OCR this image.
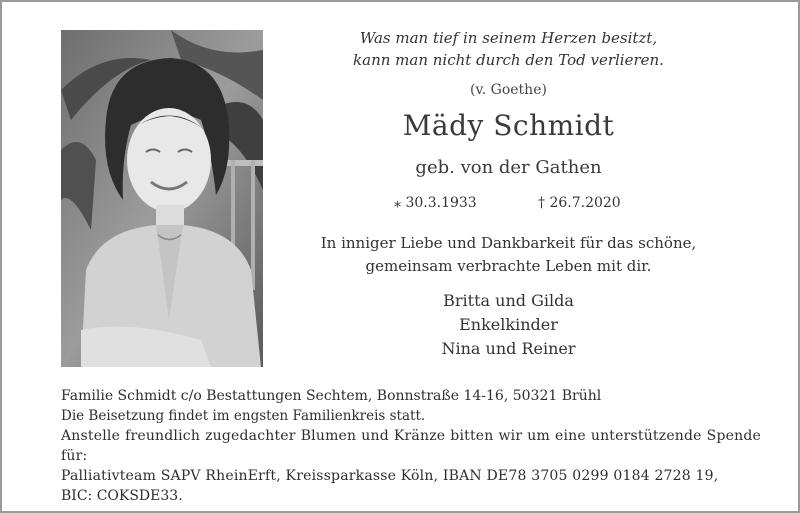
Was man tief in seinem Herzen besitzt,
kann man nicht durch den Tod verlieren.
(v. Goethe)
Mädy Schmidt
geb. von der Gathen
⁎ 30.3.1933	† 26.7.2020
In inniger Liebe und Dankbarkeit für das schöne,
gemeinsam verbrachte Leben mit dir.
Britta und Gilda
Enkelkinder
Nina und Reiner
Familie Schmidt c/o Bestattungen Sechtem, Bonnstraße 14-16, 50321 Brühl
Die Beisetzung findet im engsten Familienkreis statt.
Anstelle freundlich zugedachter Blumen und Kränze bitten wir um eine unterstützende Spende für:
Palliativteam SAPV RheinErft, Kreissparkasse Köln, IBAN DE78 3705 0299 0184 2728 19,
BIC: COKSDE33.
